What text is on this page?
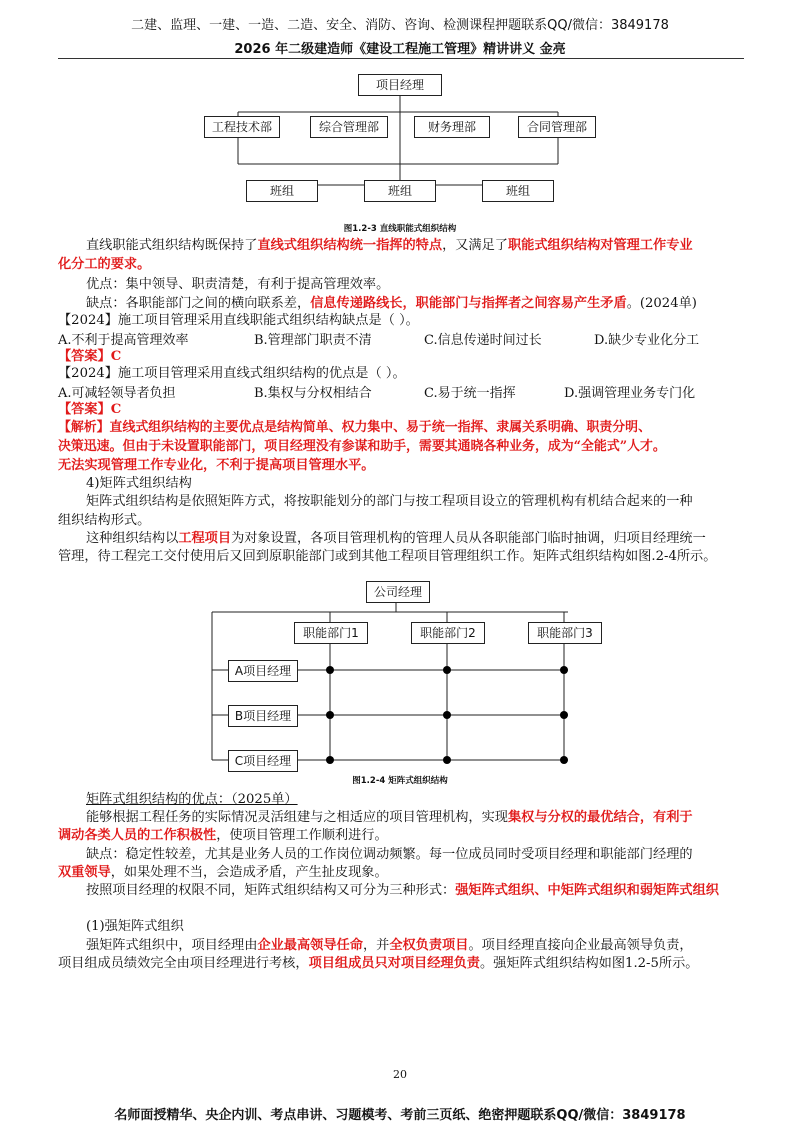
二建、监理、一建、一造、二造、安全、消防、咨询、检测课程押题联系QQ/微信：3849178
2026 年二级建造师《建设工程施工管理》精讲讲义 金亮
项目经理
工程技术部	综合管理部	财务理部	合同管理部
班组	班组	班组
图1.2-3 直线职能式组织结构
直线职能式组织结构既保持了直线式组织结构统一指挥的特点，又满足了职能式组织结构对管理工作专业
化分工的要求。
优点：集中领导、职责清楚，有利于提高管理效率。
缺点：各职能部门之间的横向联系差，信息传递路线长，职能部门与指挥者之间容易产生矛盾。(2024单)
【2024】施工项目管理采用直线职能式组织结构缺点是（ ）。
A.不利于提高管理效率	B.管理部门职责不清	C.信息传递时间过长	D.缺少专业化分工
【答案】C
【2024】施工项目管理采用直线式组织结构的优点是（ ）。
A.可减轻领导者负担	B.集权与分权相结合	C.易于统一指挥	D.强调管理业务专门化
【答案】C
【解析】直线式组织结构的主要优点是结构简单、权力集中、易于统一指挥、隶属关系明确、职责分明、
决策迅速。但由于未设置职能部门，项目经理没有参谋和助手，需要其通晓各种业务，成为“全能式”人才。
无法实现管理工作专业化，不利于提高项目管理水平。
4)矩阵式组织结构
矩阵式组织结构是依照矩阵方式，将按职能划分的部门与按工程项目设立的管理机构有机结合起来的一种
组织结构形式。
这种组织结构以工程项目为对象设置，各项目管理机构的管理人员从各职能部门临时抽调，归项目经理统一
管理，待工程完工交付使用后又回到原职能部门或到其他工程项目管理组织工作。矩阵式组织结构如图.2-4所示。
公司经理
职能部门1	职能部门2	职能部门3
A项目经理
B项目经理
C项目经理
图1.2-4 矩阵式组织结构
矩阵式组织结构的优点：（2025单）
能够根据工程任务的实际情况灵活组建与之相适应的项目管理机构，实现集权与分权的最优结合，有利于
调动各类人员的工作积极性，使项目管理工作顺利进行。
缺点：稳定性较差，尤其是业务人员的工作岗位调动频繁。每一位成员同时受项目经理和职能部门经理的
双重领导，如果处理不当，会造成矛盾，产生扯皮现象。
按照项目经理的权限不同，矩阵式组织结构又可分为三种形式：强矩阵式组织、中矩阵式组织和弱矩阵式组织
(1)强矩阵式组织
强矩阵式组织中，项目经理由企业最高领导任命，并全权负责项目。项目经理直接向企业最高领导负责，
项目组成员绩效完全由项目经理进行考核，项目组成员只对项目经理负责。强矩阵式组织结构如图1.2-5所示。
20
名师面授精华、央企内训、考点串讲、习题模考、考前三页纸、绝密押题联系QQ/微信：3849178
